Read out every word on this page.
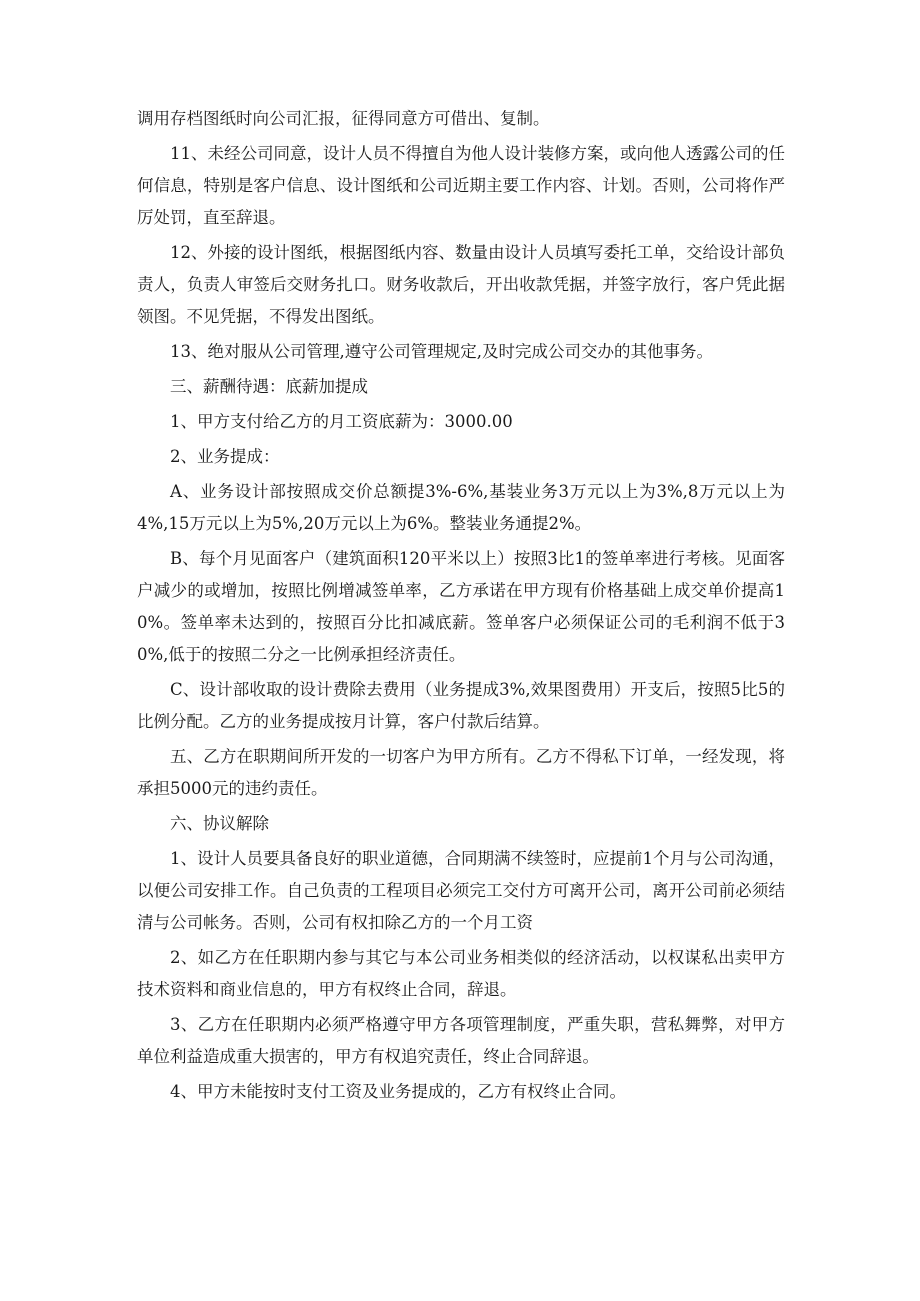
调用存档图纸时向公司汇报，征得同意方可借出、复制。

11、未经公司同意，设计人员不得擅自为他人设计装修方案，或向他人透露公司的任何信息，特别是客户信息、设计图纸和公司近期主要工作内容、计划。否则，公司将作严厉处罚，直至辞退。

12、外接的设计图纸，根据图纸内容、数量由设计人员填写委托工单，交给设计部负责人，负责人审签后交财务扎口。财务收款后，开出收款凭据，并签字放行，客户凭此据领图。不见凭据，不得发出图纸。

13、绝对服从公司管理,遵守公司管理规定,及时完成公司交办的其他事务。

三、薪酬待遇：底薪加提成

1、甲方支付给乙方的月工资底薪为：3000.00

2、业务提成：

A、业务设计部按照成交价总额提3%-6%,基装业务3万元以上为3%,8万元以上为4%,15万元以上为5%,20万元以上为6%。整装业务通提2%。

B、每个月见面客户（建筑面积120平米以上）按照3比1的签单率进行考核。见面客户减少的或增加，按照比例增减签单率，乙方承诺在甲方现有价格基础上成交单价提高10%。签单率未达到的，按照百分比扣减底薪。签单客户必须保证公司的毛利润不低于30%,低于的按照二分之一比例承担经济责任。

C、设计部收取的设计费除去费用（业务提成3%,效果图费用）开支后，按照5比5的比例分配。乙方的业务提成按月计算，客户付款后结算。

五、乙方在职期间所开发的一切客户为甲方所有。乙方不得私下订单，一经发现，将承担5000元的违约责任。

六、协议解除

1、设计人员要具备良好的职业道德，合同期满不续签时，应提前1个月与公司沟通，以便公司安排工作。自己负责的工程项目必须完工交付方可离开公司，离开公司前必须结清与公司帐务。否则，公司有权扣除乙方的一个月工资

2、如乙方在任职期内参与其它与本公司业务相类似的经济活动，以权谋私出卖甲方技术资料和商业信息的，甲方有权终止合同，辞退。

3、乙方在任职期内必须严格遵守甲方各项管理制度，严重失职，营私舞弊，对甲方单位利益造成重大损害的，甲方有权追究责任，终止合同辞退。

4、甲方未能按时支付工资及业务提成的，乙方有权终止合同。
